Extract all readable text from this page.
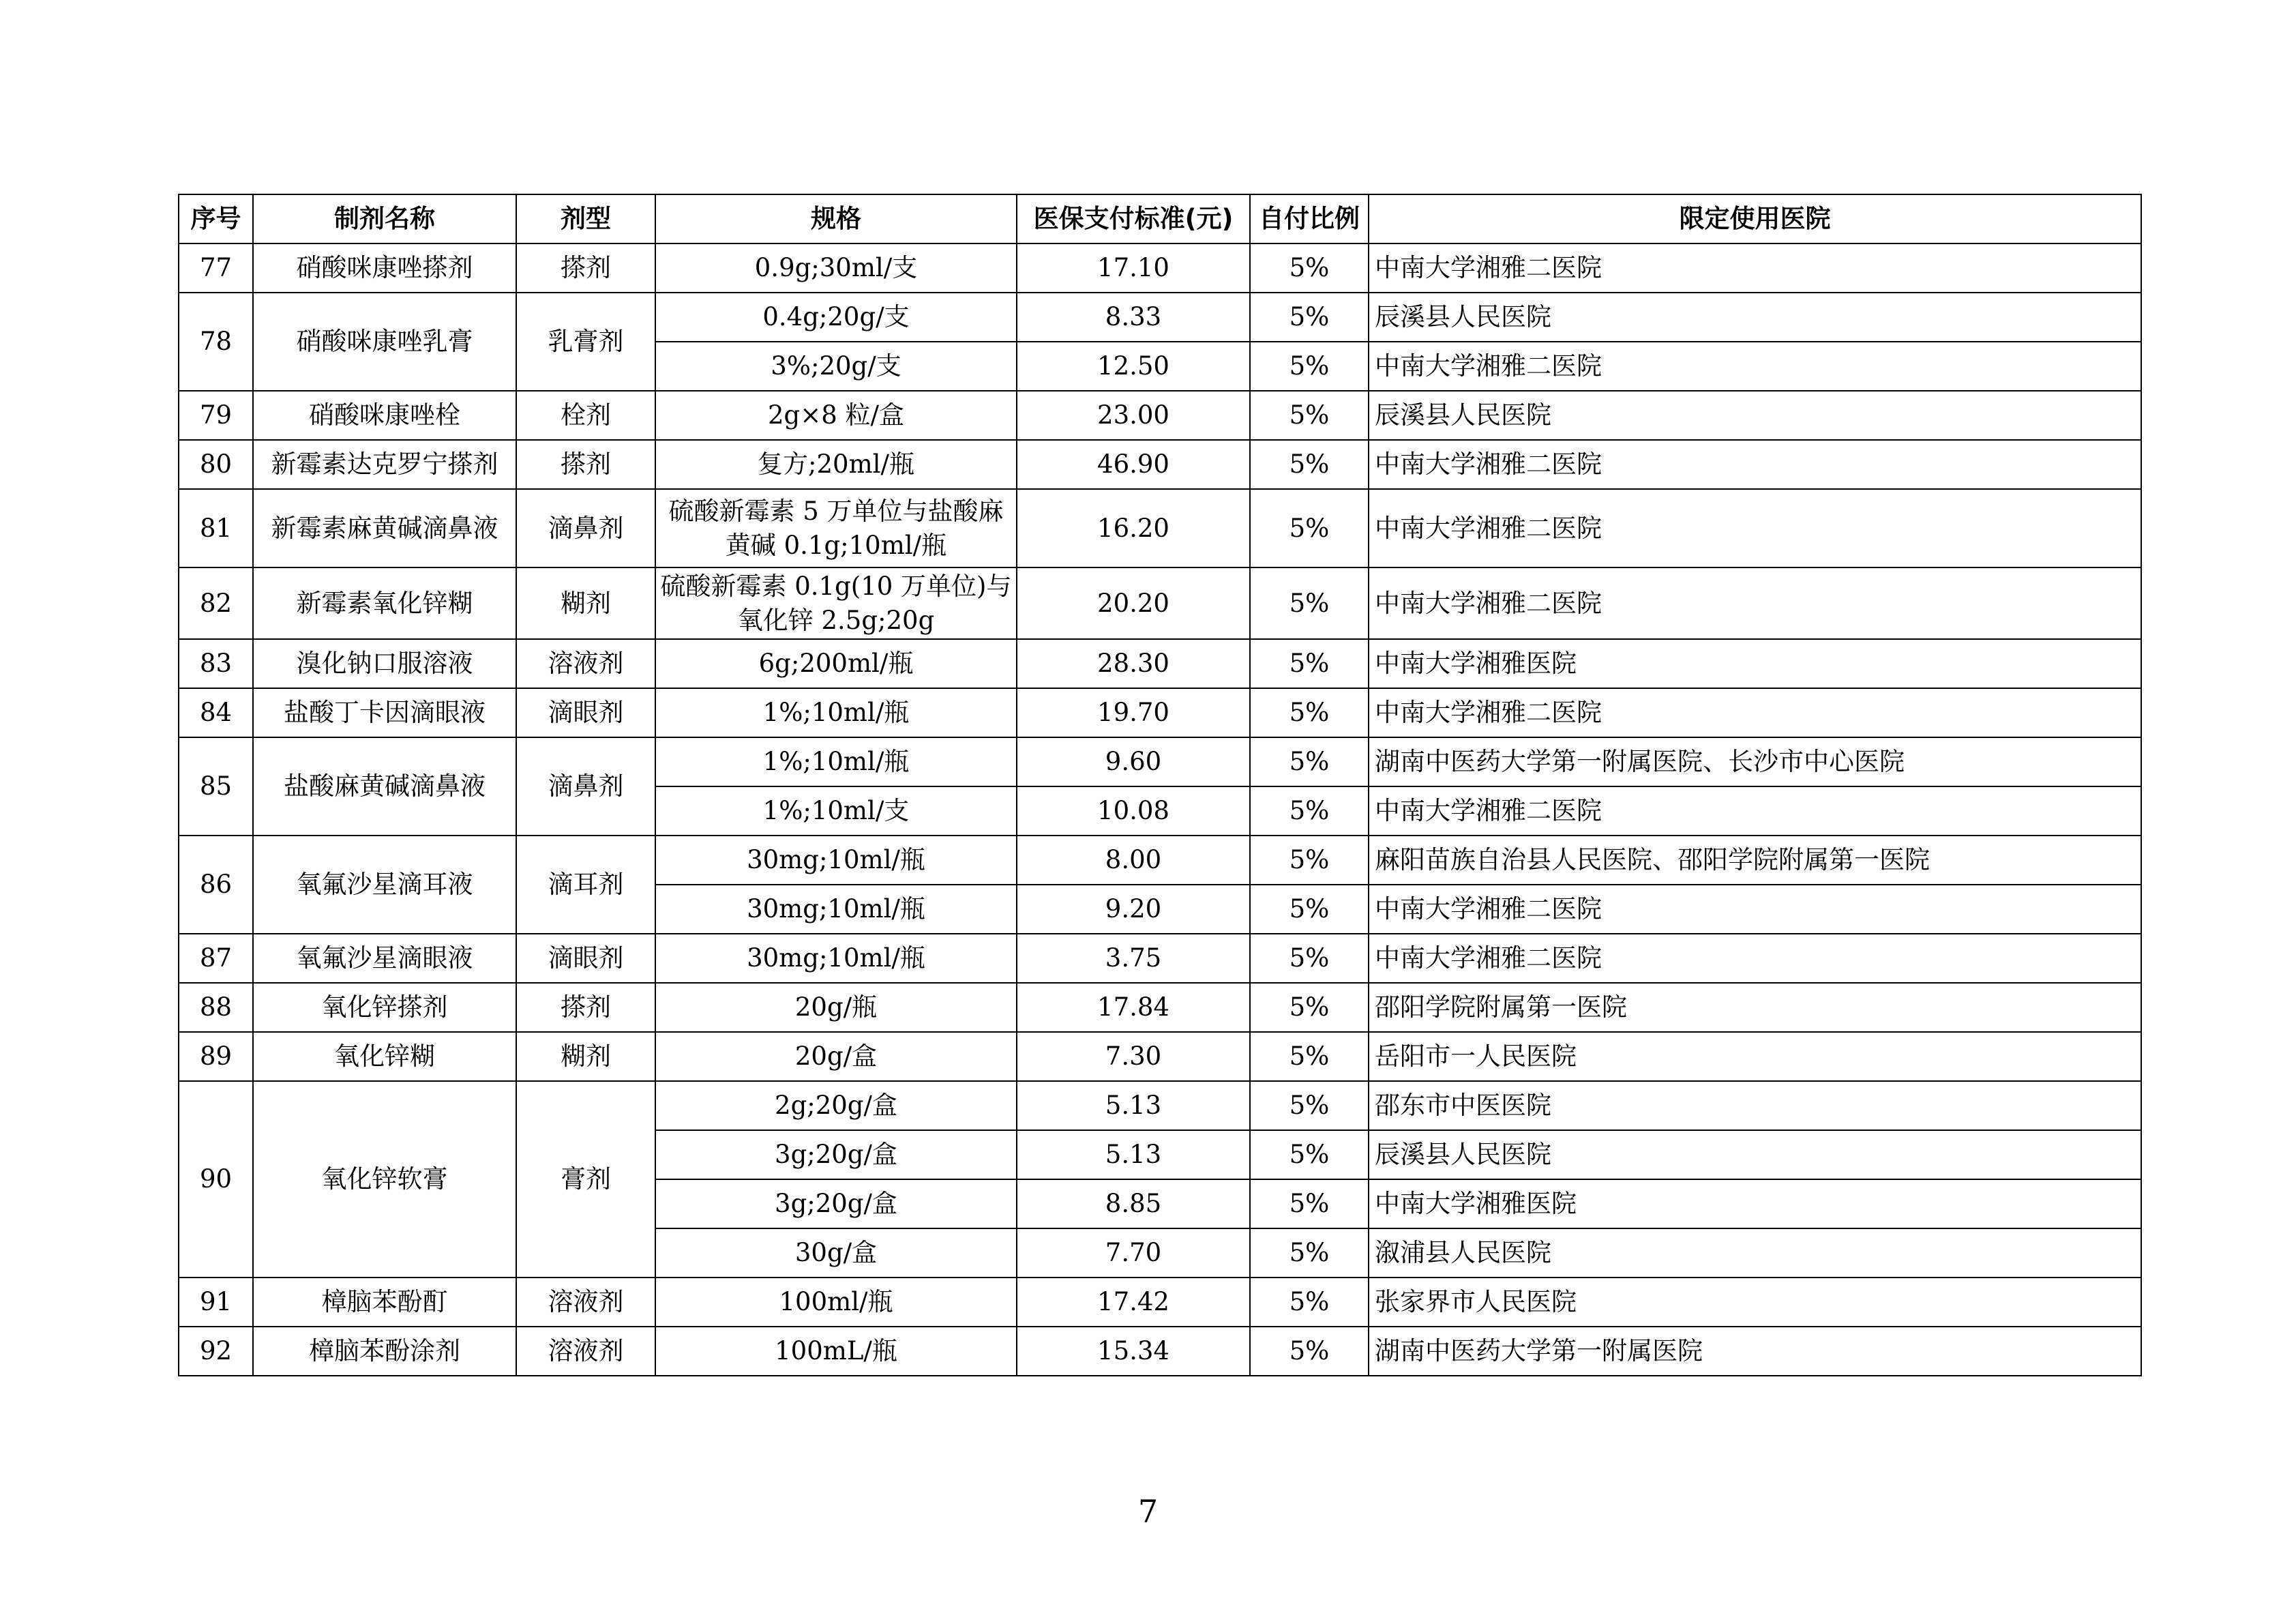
序号	制剂名称	剂型	规格	医保支付标准(元)	自付比例	限定使用医院
77	硝酸咪康唑搽剂	搽剂	0.9g;30ml/支	17.10	5%	中南大学湘雅二医院
78	硝酸咪康唑乳膏	乳膏剂	0.4g;20g/支	8.33	5%	辰溪县人民医院
			3%;20g/支	12.50	5%	中南大学湘雅二医院
79	硝酸咪康唑栓	栓剂	2g×8 粒/盒	23.00	5%	辰溪县人民医院
80	新霉素达克罗宁搽剂	搽剂	复方;20ml/瓶	46.90	5%	中南大学湘雅二医院
81	新霉素麻黄碱滴鼻液	滴鼻剂	硫酸新霉素 5 万单位与盐酸麻黄碱 0.1g;10ml/瓶	16.20	5%	中南大学湘雅二医院
82	新霉素氧化锌糊	糊剂	硫酸新霉素 0.1g(10 万单位)与氧化锌 2.5g;20g	20.20	5%	中南大学湘雅二医院
83	溴化钠口服溶液	溶液剂	6g;200ml/瓶	28.30	5%	中南大学湘雅医院
84	盐酸丁卡因滴眼液	滴眼剂	1%;10ml/瓶	19.70	5%	中南大学湘雅二医院
85	盐酸麻黄碱滴鼻液	滴鼻剂	1%;10ml/瓶	9.60	5%	湖南中医药大学第一附属医院、长沙市中心医院
			1%;10ml/支	10.08	5%	中南大学湘雅二医院
86	氧氟沙星滴耳液	滴耳剂	30mg;10ml/瓶	8.00	5%	麻阳苗族自治县人民医院、邵阳学院附属第一医院
			30mg;10ml/瓶	9.20	5%	中南大学湘雅二医院
87	氧氟沙星滴眼液	滴眼剂	30mg;10ml/瓶	3.75	5%	中南大学湘雅二医院
88	氧化锌搽剂	搽剂	20g/瓶	17.84	5%	邵阳学院附属第一医院
89	氧化锌糊	糊剂	20g/盒	7.30	5%	岳阳市一人民医院
90	氧化锌软膏	膏剂	2g;20g/盒	5.13	5%	邵东市中医医院
			3g;20g/盒	5.13	5%	辰溪县人民医院
			3g;20g/盒	8.85	5%	中南大学湘雅医院
			30g/盒	7.70	5%	溆浦县人民医院
91	樟脑苯酚酊	溶液剂	100ml/瓶	17.42	5%	张家界市人民医院
92	樟脑苯酚涂剂	溶液剂	100mL/瓶	15.34	5%	湖南中医药大学第一附属医院
7
